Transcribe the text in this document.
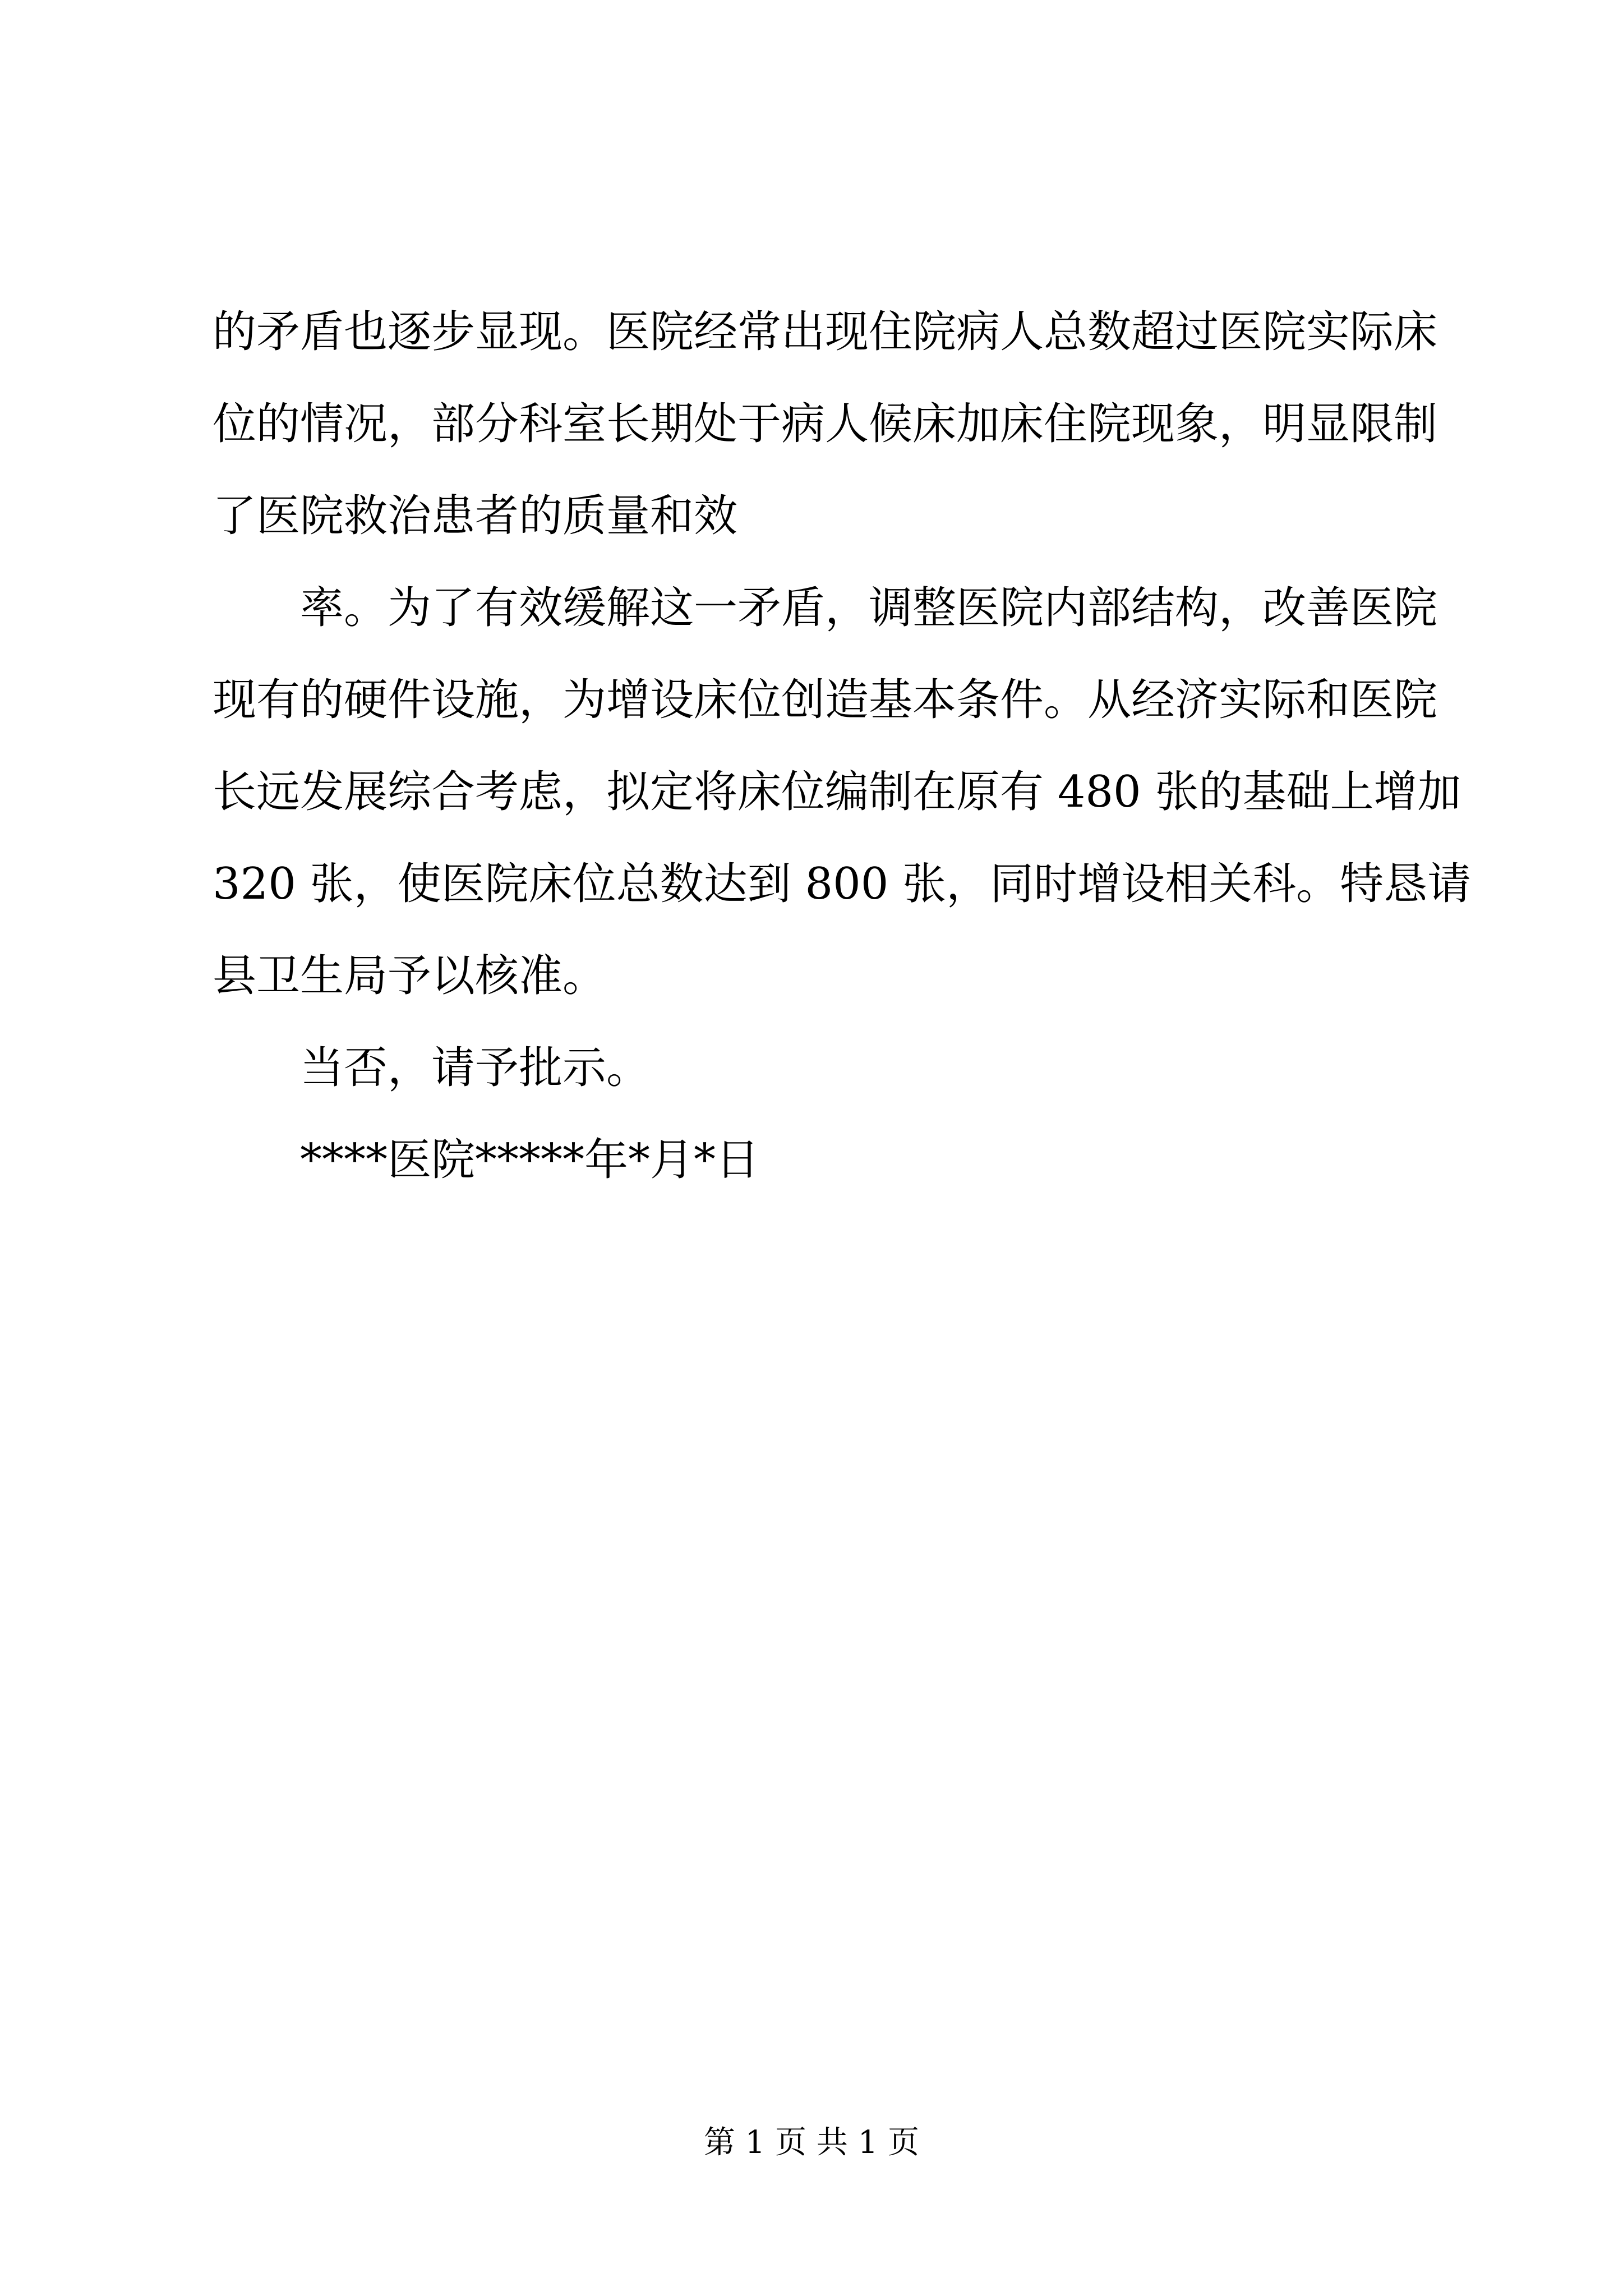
的矛盾也逐步显现。医院经常出现住院病人总数超过医院实际床
位的情况，部分科室长期处于病人候床加床住院现象，明显限制
了医院救治患者的质量和效
率。为了有效缓解这一矛盾，调整医院内部结构，改善医院
现有的硬件设施，为增设床位创造基本条件。从经济实际和医院
长远发展综合考虑，拟定将床位编制在原有 480 张的基础上增加
320 张，使医院床位总数达到 800 张，同时增设相关科。特恳请
县卫生局予以核准。
当否，请予批示。
****医院*****年*月*日
第 1 页 共 1 页
